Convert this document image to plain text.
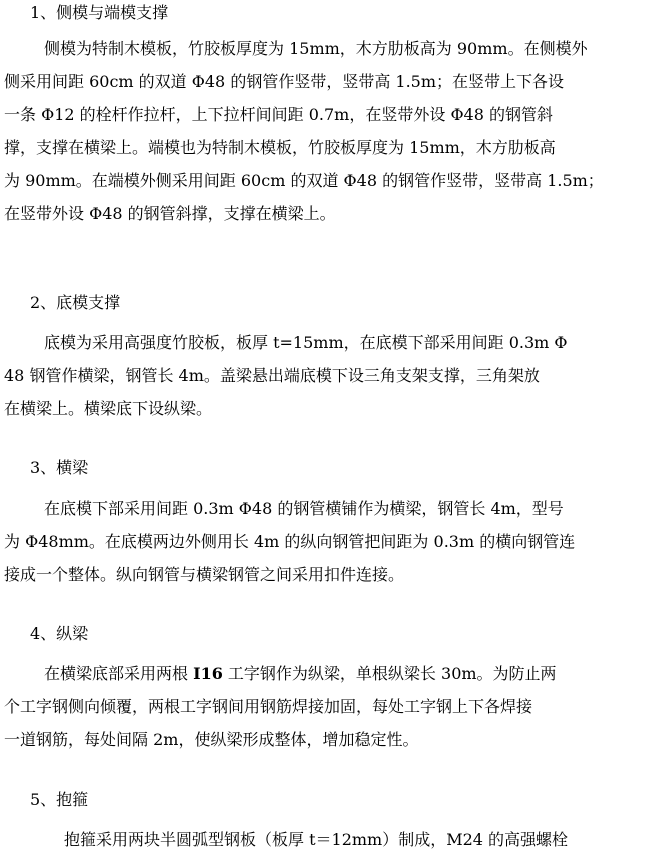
1、侧模与端模支撑
侧模为特制木模板，竹胶板厚度为 15mm，木方肋板高为 90mm。在侧模外
侧采用间距 60cm 的双道 Φ48 的钢管作竖带，竖带高 1.5m；在竖带上下各设
一条 Φ12 的栓杆作拉杆，上下拉杆间间距 0.7m，在竖带外设 Φ48 的钢管斜
撑，支撑在横梁上。端模也为特制木模板，竹胶板厚度为 15mm，木方肋板高
为 90mm。在端模外侧采用间距 60cm 的双道 Φ48 的钢管作竖带，竖带高 1.5m；
在竖带外设 Φ48 的钢管斜撑，支撑在横梁上。
2、底模支撑
底模为采用高强度竹胶板，板厚 t=15mm，在底模下部采用间距 0.3m Φ
48 钢管作横梁，钢管长 4m。盖梁悬出端底模下设三角支架支撑，三角架放
在横梁上。横梁底下设纵梁。
3、横梁
在底模下部采用间距 0.3m Φ48 的钢管横铺作为横梁，钢管长 4m，型号
为 Φ48mm。在底模两边外侧用长 4m 的纵向钢管把间距为 0.3m 的横向钢管连
接成一个整体。纵向钢管与横梁钢管之间采用扣件连接。
4、纵梁
在横梁底部采用两根 I16 工字钢作为纵梁，单根纵梁长 30m。为防止两
个工字钢侧向倾覆，两根工字钢间用钢筋焊接加固，每处工字钢上下各焊接
一道钢筋，每处间隔 2m，使纵梁形成整体，增加稳定性。
5、抱箍
抱箍采用两块半圆弧型钢板（板厚 t＝12mm）制成，M24 的高强螺栓
